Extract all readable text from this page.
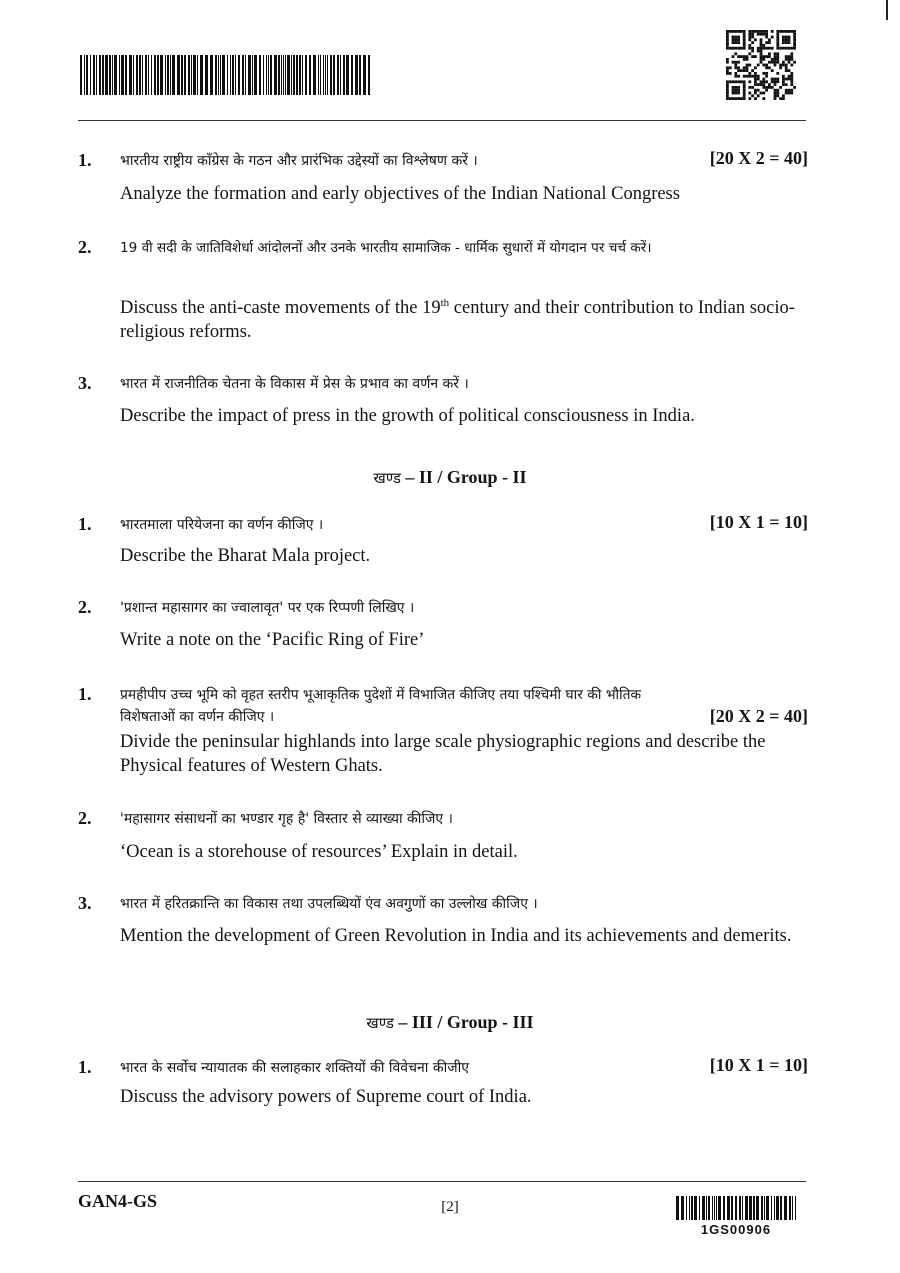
1. भारतीय राष्ट्रीय काँग्रेस के गठन और प्रारंभिक उद्देस्यों का विश्लेषण करें ।	[20 X 2 = 40]
Analyze the formation and early objectives of the Indian National Congress
2. 19 वी सदी के जातिविशेर्धा आंदोलनों और उनके भारतीय सामाजिक - धार्मिक सुधारों में योगदान पर चर्च करें।
Discuss the anti-caste movements of the 19th century and their contribution to Indian socio-religious reforms.
3. भारत में राजनीतिक चेतना के विकास में प्रेस के प्रभाव का वर्णन करें ।
Describe the impact of press in the growth of political consciousness in India.
खण्ड – II / Group - II
1. भारतमाला परियेजना का वर्णन कीजिए ।	[10 X 1 = 10]
Describe the Bharat Mala project.
2. 'प्रशान्त महासागर का ज्वालावृत' पर एक रिप्पणी लिखिए ।
Write a note on the ‘Pacific Ring of Fire’
1. प्रमहीपीप उच्च भूमि को वृहत स्तरीप भूआकृतिक पुदेशों में विभाजित कीजिए तया पश्चिमी घार की भौतिक
विशेषताओं का वर्णन कीजिए ।	[20 X 2 = 40]
Divide the peninsular highlands into large scale physiographic regions and describe the Physical features of Western Ghats.
2. 'महासागर संसाधनों का भण्डार गृह है' विस्तार से व्याख्या कीजिए ।
‘Ocean is a storehouse of resources’ Explain in detail.
3. भारत में हरितक्रान्ति का विकास तथा उपलब्धियों एंव अवगुणों का उल्लोख कीजिए ।
Mention the development of Green Revolution in India and its achievements and demerits.
खण्ड – III / Group - III
1. भारत के सर्वोच न्यायातक की सलाहकार शक्तियों की विवेचना कीजीए	[10 X 1 = 10]
Discuss the advisory powers of Supreme court of India.
GAN4-GS	[2]
1GS00906
